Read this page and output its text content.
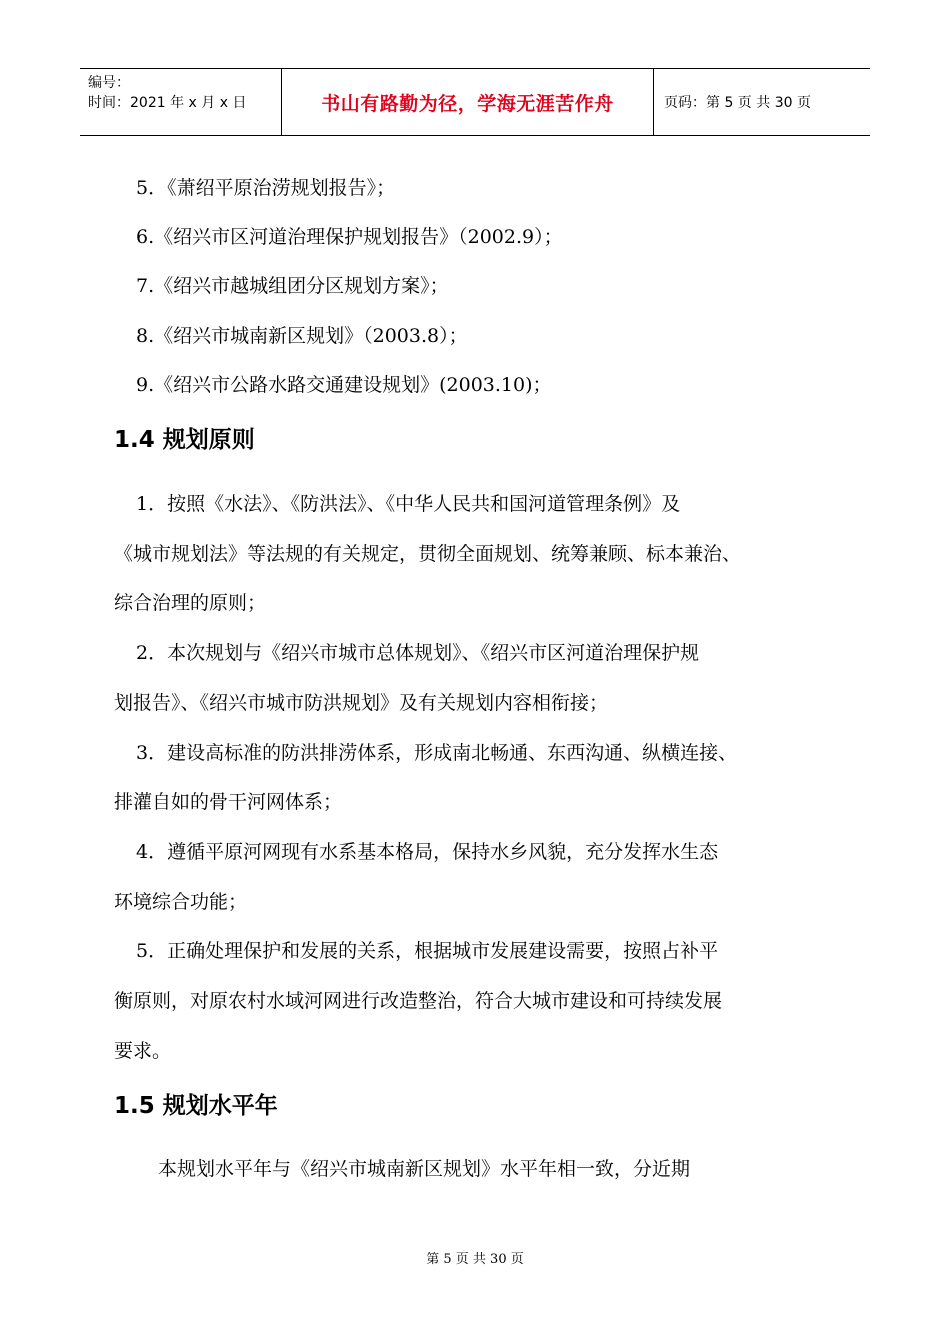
编号：
时间：2021 年 x 月 x 日	书山有路勤为径，学海无涯苦作舟	页码：第 5 页 共 30 页
5．《萧绍平原治涝规划报告》；
6.《绍兴市区河道治理保护规划报告》（2002.9）；
7.《绍兴市越城组团分区规划方案》；
8.《绍兴市城南新区规划》（2003.8）；
9.《绍兴市公路水路交通建设规划》(2003.10)；
1.4 规划原则
1．按照《水法》、《防洪法》、《中华人民共和国河道管理条例》及
《城市规划法》等法规的有关规定，贯彻全面规划、统筹兼顾、标本兼治、
综合治理的原则；
2．本次规划与《绍兴市城市总体规划》、《绍兴市区河道治理保护规
划报告》、《绍兴市城市防洪规划》及有关规划内容相衔接；
3．建设高标准的防洪排涝体系，形成南北畅通、东西沟通、纵横连接、
排灌自如的骨干河网体系；
4．遵循平原河网现有水系基本格局，保持水乡风貌，充分发挥水生态
环境综合功能；
5．正确处理保护和发展的关系，根据城市发展建设需要，按照占补平
衡原则，对原农村水域河网进行改造整治，符合大城市建设和可持续发展
要求。
1.5 规划水平年
本规划水平年与《绍兴市城南新区规划》水平年相一致，分近期
第 5 页 共 30 页
